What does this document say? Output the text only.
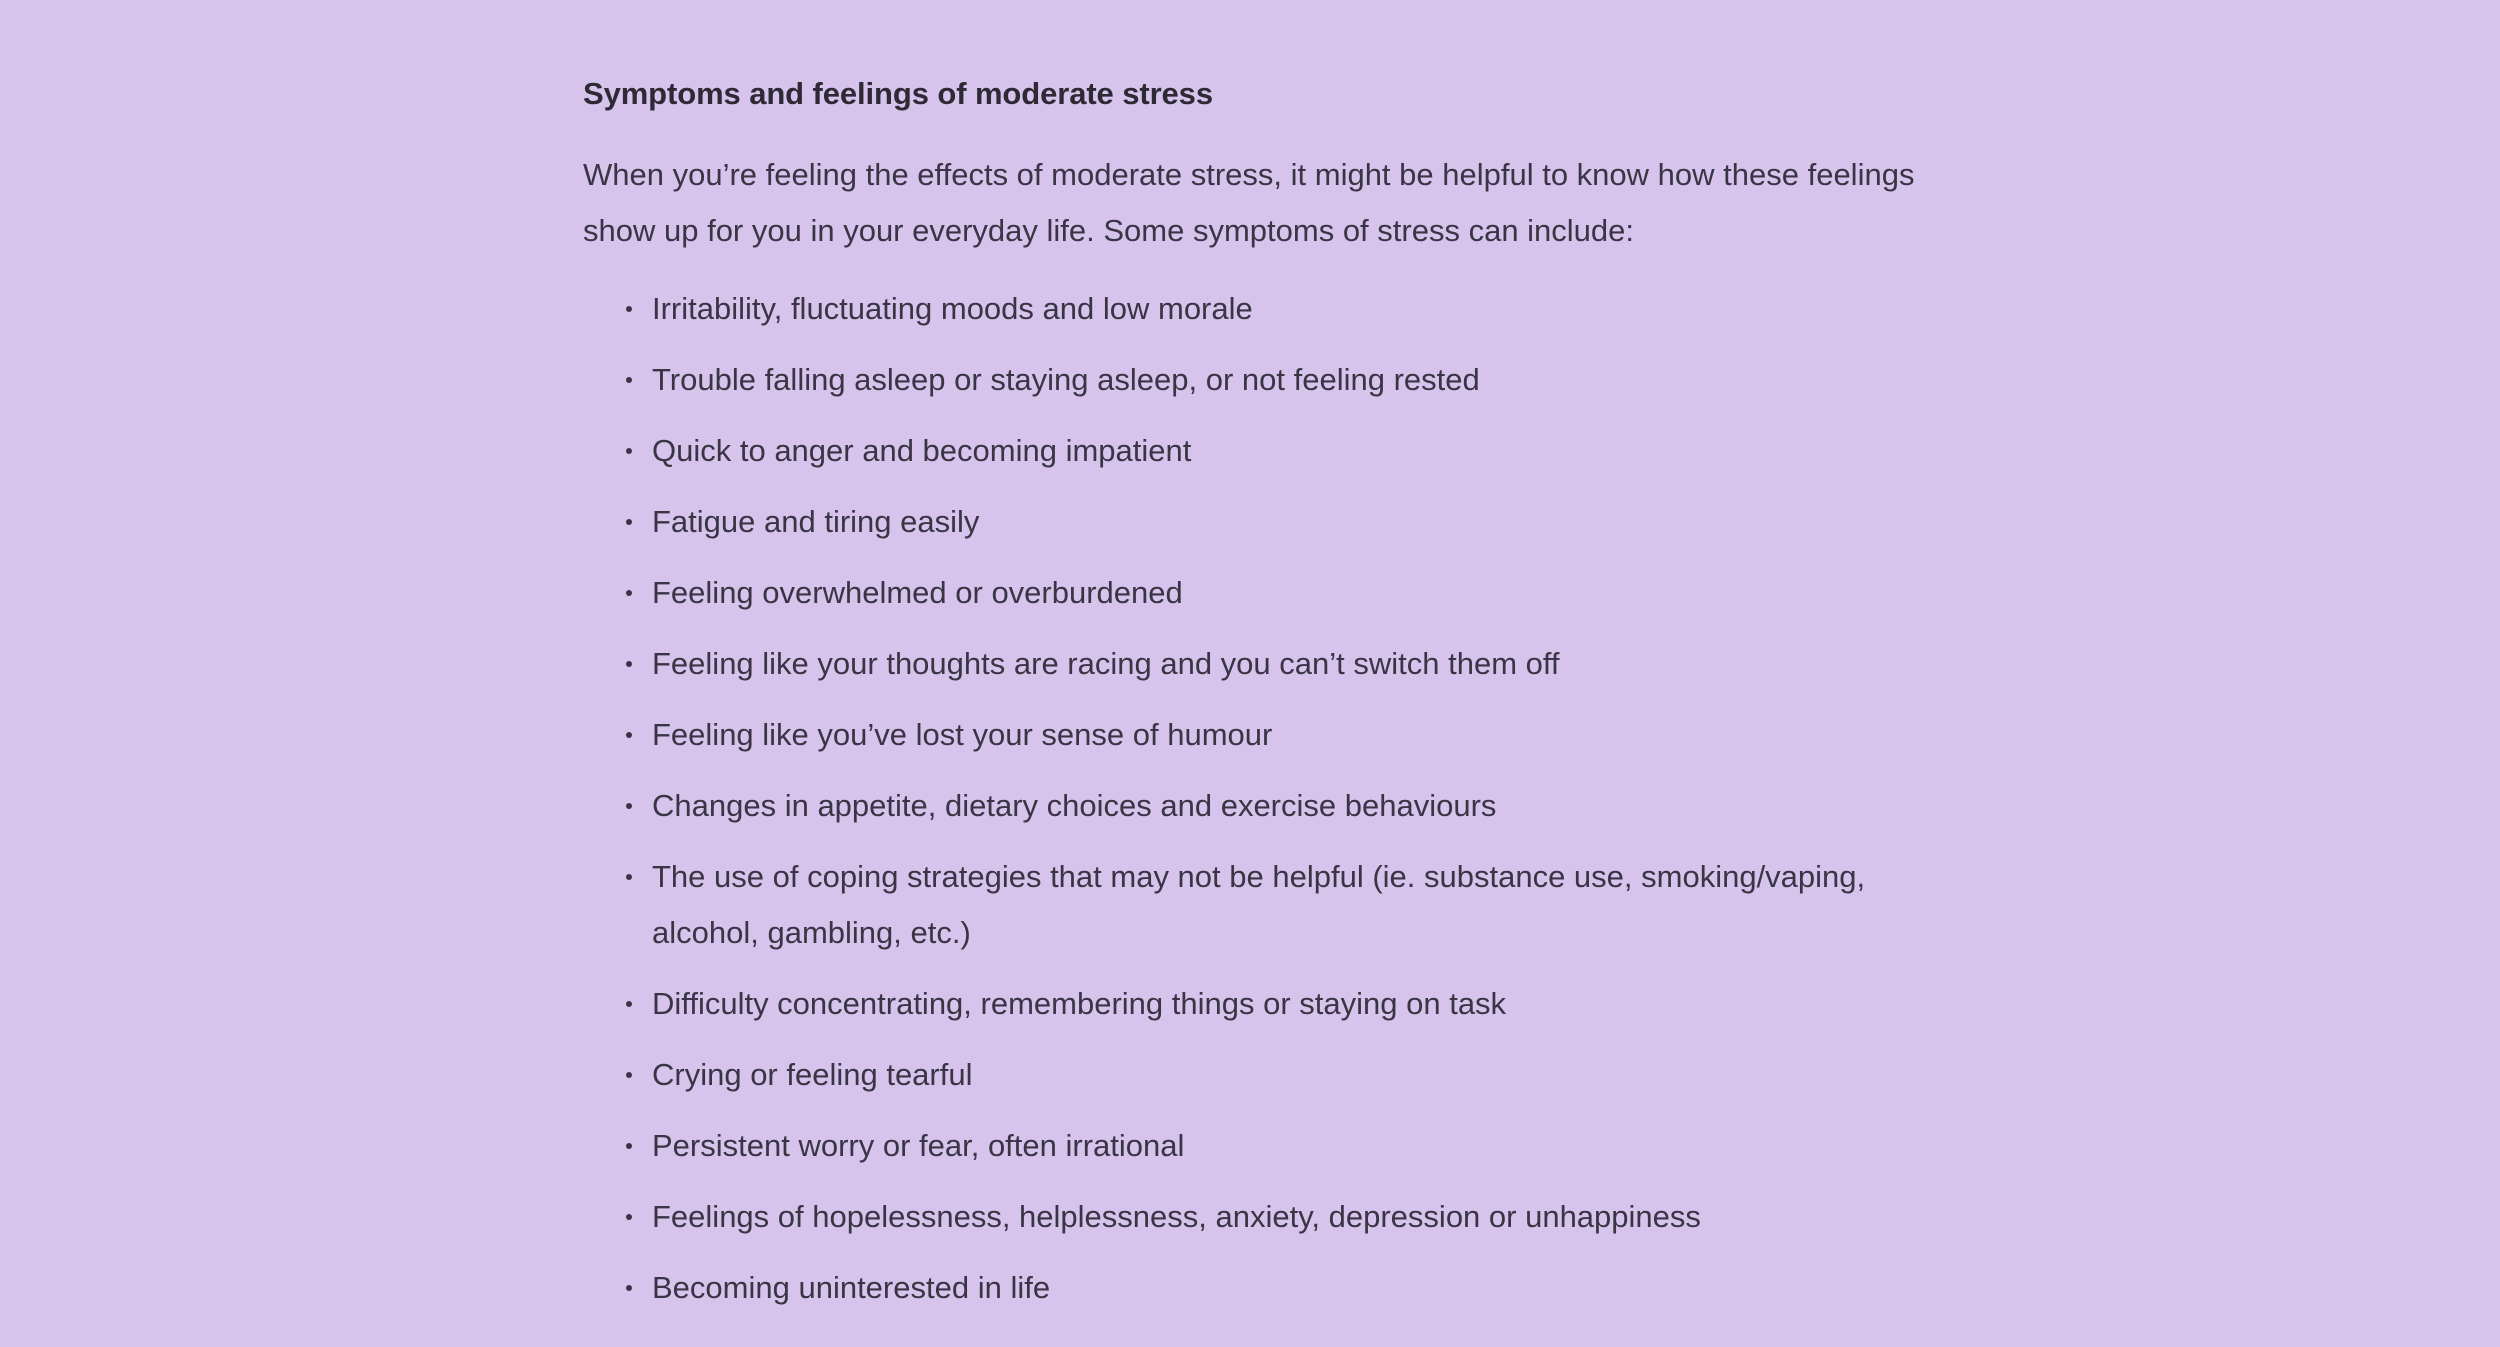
Symptoms and feelings of moderate stress

When you’re feeling the effects of moderate stress, it might be helpful to know how these feelings show up for you in your everyday life. Some symptoms of stress can include:

Irritability, fluctuating moods and low morale
Trouble falling asleep or staying asleep, or not feeling rested
Quick to anger and becoming impatient
Fatigue and tiring easily
Feeling overwhelmed or overburdened
Feeling like your thoughts are racing and you can’t switch them off
Feeling like you’ve lost your sense of humour
Changes in appetite, dietary choices and exercise behaviours
The use of coping strategies that may not be helpful (ie. substance use, smoking/vaping, alcohol, gambling, etc.)
Difficulty concentrating, remembering things or staying on task
Crying or feeling tearful
Persistent worry or fear, often irrational
Feelings of hopelessness, helplessness, anxiety, depression or unhappiness
Becoming uninterested in life
